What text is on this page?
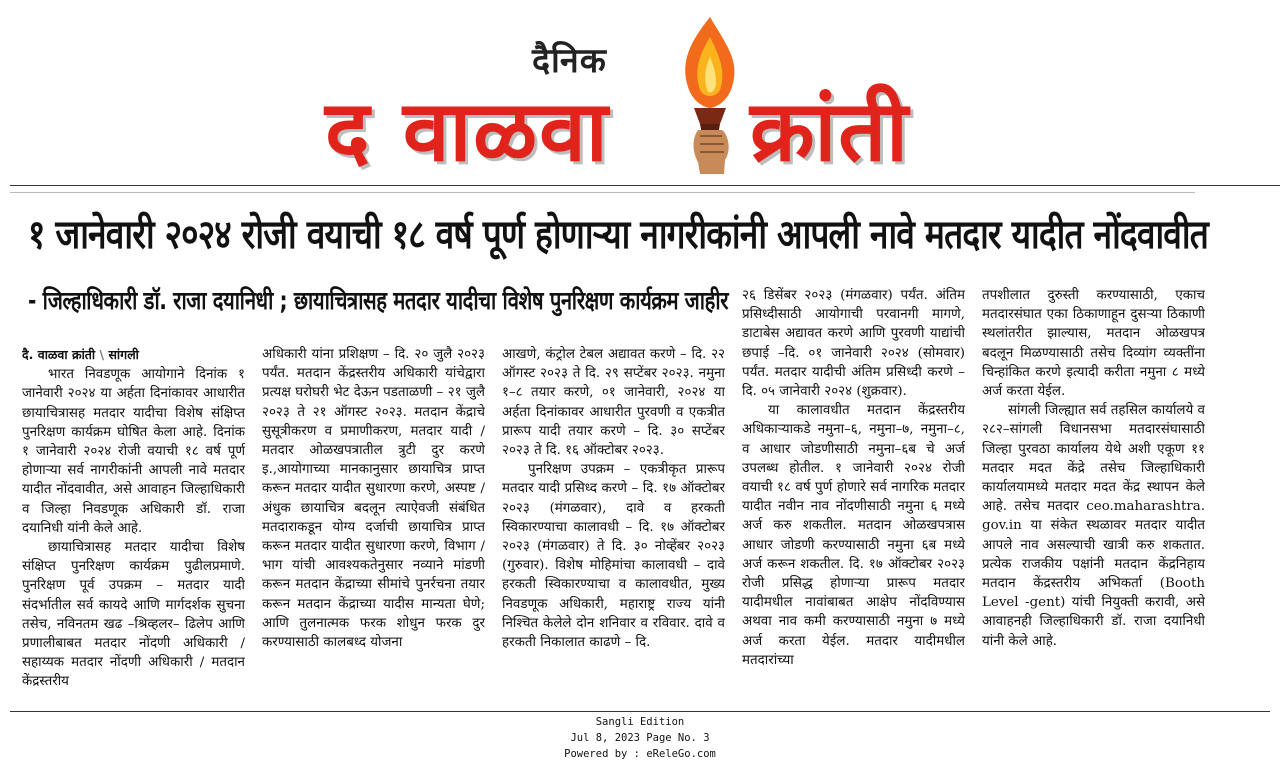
दैनिक
द वाळवा क्रांती
१ जानेवारी २०२४ रोजी वयाची १८ वर्ष पूर्ण होणाऱ्या नागरीकांनी आपली नावे मतदार यादीत नोंदवावीत
- जिल्हाधिकारी डॉ. राजा दयानिधी ; छायाचित्रासह मतदार यादीचा विशेष पुनरिक्षण कार्यक्रम जाहीर
दै. वाळवा क्रांती \ सांगली

भारत निवडणूक आयोगाने दिनांक १ जानेवारी २०२४ या अर्हता दिनांकावर आधारीत छायाचित्रासह मतदार यादीचा विशेष संक्षिप्त पुनरिक्षण कार्यक्रम घोषित केला आहे. दिनांक १ जानेवारी २०२४ रोजी वयाची १८ वर्ष पूर्ण होणाऱ्या सर्व नागरीकांनी आपली नावे मतदार यादीत नोंदवावीत, असे आवाहन जिल्हाधिकारी व जिल्हा निवडणूक अधिकारी डॉ. राजा दयानिधी यांनी केले आहे.

छायाचित्रासह मतदार यादीचा विशेष संक्षिप्त पुनरिक्षण कार्यक्रम पुढीलप्रमाणे. पुनरिक्षण पूर्व उपक्रम – मतदार यादी संदर्भातील सर्व कायदे आणि मार्गदर्शक सुचना तसेच, नविनतम खढ –श्रिव्हलर– ढिलेप आणि प्रणालीबाबत मतदार नोंदणी अधिकारी / सहाय्यक मतदार नोंदणी अधिकारी / मतदान केंद्रस्तरीय

अधिकारी यांना प्रशिक्षण – दि. २० जुलै २०२३ पर्यंत. मतदान केंद्रस्तरीय अधिकारी यांचेद्वारा प्रत्यक्ष घरोघरी भेट देऊन पडताळणी – २१ जुलै २०२३ ते २१ ऑगस्ट २०२३. मतदान केंद्राचे सुसूत्रीकरण व प्रमाणीकरण, मतदार यादी / मतदार ओळखपत्रातील त्रुटी दुर करणे इ.,आयोगाच्या मानकानुसार छायाचित्र प्राप्त करून मतदार यादीत सुधारणा करणे, अस्पष्ट / अंधुक छायाचित्र बदलून त्याऐवजी संबंधित मतदाराकडून योग्य दर्जाची छायाचित्र प्राप्त करून मतदार यादीत सुधारणा करणे, विभाग / भाग यांची आवश्यकतेनुसार नव्याने मांडणी करून मतदान केंद्राच्या सीमांचे पुनर्रचना तयार करून मतदान केंद्राच्या यादीस मान्यता घेणे; आणि तुलनात्मक फरक शोधुन फरक दुर करण्यासाठी कालबध्द योजना

आखणे, कंट्रोल टेबल अद्यावत करणे – दि. २२ ऑगस्ट २०२३ ते दि. २९ सप्टेंबर २०२३. नमुना १–८ तयार करणे, ०१ जानेवारी, २०२४ या अर्हता दिनांकावर आधारीत पुरवणी व एकत्रीत प्रारूप यादी तयार करणे – दि. ३० सप्टेंबर २०२३ ते दि. १६ ऑक्टोबर २०२३.

पुनरिक्षण उपक्रम – एकत्रीकृत प्रारूप मतदार यादी प्रसिध्द करणे – दि. १७ ऑक्टोबर २०२३ (मंगळवार), दावे व हरकती स्विकारण्याचा कालावधी – दि. १७ ऑक्टोबर २०२३ (मंगळवार) ते दि. ३० नोव्हेंबर २०२३ (गुरुवार). विशेष मोहिमांचा कालावधी – दावे हरकती स्विकारण्याचा व कालावधीत, मुख्य निवडणूक अधिकारी, महाराष्ट्र राज्य यांनी निश्चित केलेले दोन शनिवार व रविवार. दावे व हरकती निकालात काढणे – दि.

२६ डिसेंबर २०२३ (मंगळवार) पर्यंत. अंतिम प्रसिध्दीसाठी आयोगाची परवानगी मागणे, डाटाबेस अद्यावत करणे आणि पुरवणी याद्यांची छपाई –दि. ०१ जानेवारी २०२४ (सोमवार) पर्यंत. मतदार यादीची अंतिम प्रसिध्दी करणे – दि. ०५ जानेवारी २०२४ (शुक्रवार).

या कालावधीत मतदान केंद्रस्तरीय अधिकाऱ्याकडे नमुना–६, नमुना–७, नमुना–८, व आधार जोडणीसाठी नमुना–६ब चे अर्ज उपलब्ध होतील. १ जानेवारी २०२४ रोजी वयाची १८ वर्ष पुर्ण होणारे सर्व नागरिक मतदार यादीत नवीन नाव नोंदणीसाठी नमुना ६ मध्ये अर्ज करु शकतील. मतदान ओळखपत्रास आधार जोडणी करण्यासाठी नमुना ६ब मध्ये अर्ज करून शकतील. दि. १७ ऑक्टोबर २०२३ रोजी प्रसिद्ध होणाऱ्या प्रारूप मतदार यादीमधील नावांबाबत आक्षेप नोंदविण्यास अथवा नाव कमी करण्यासाठी नमुना ७ मध्ये अर्ज करता येईल. मतदार यादीमधील मतदारांच्या

तपशीलात दुरुस्ती करण्यासाठी, एकाच मतदारसंघात एका ठिकाणाहून दुसऱ्या ठिकाणी स्थलांतरीत झाल्यास, मतदान ओळखपत्र बदलून मिळण्यासाठी तसेच दिव्यांग व्यक्तींना चिन्हांकित करणे इत्यादी करीता नमुना ८ मध्ये अर्ज करता येईल.

सांगली जिल्ह्यात सर्व तहसिल कार्यालये व २८२–सांगली विधानसभा मतदारसंघासाठी जिल्हा पुरवठा कार्यालय येथे अशी एकूण ११ मतदार मदत केंद्रे तसेच जिल्हाधिकारी कार्यालयामध्ये मतदार मदत केंद्र स्थापन केले आहे. तसेच मतदार ceo.maharashtra. gov.in या संकेत स्थळावर मतदार यादीत आपले नाव असल्याची खात्री करु शकतात. प्रत्येक राजकीय पक्षांनी मतदान केंद्रनिहाय मतदान केंद्रस्तरीय अभिकर्ता (Booth Level -gent) यांची नियुक्ती करावी, असे आवाहनही जिल्हाधिकारी डॉ. राजा दयानिधी यांनी केले आहे.

Sangli Edition
Jul 8, 2023 Page No. 3
Powered by : eReleGo.com
